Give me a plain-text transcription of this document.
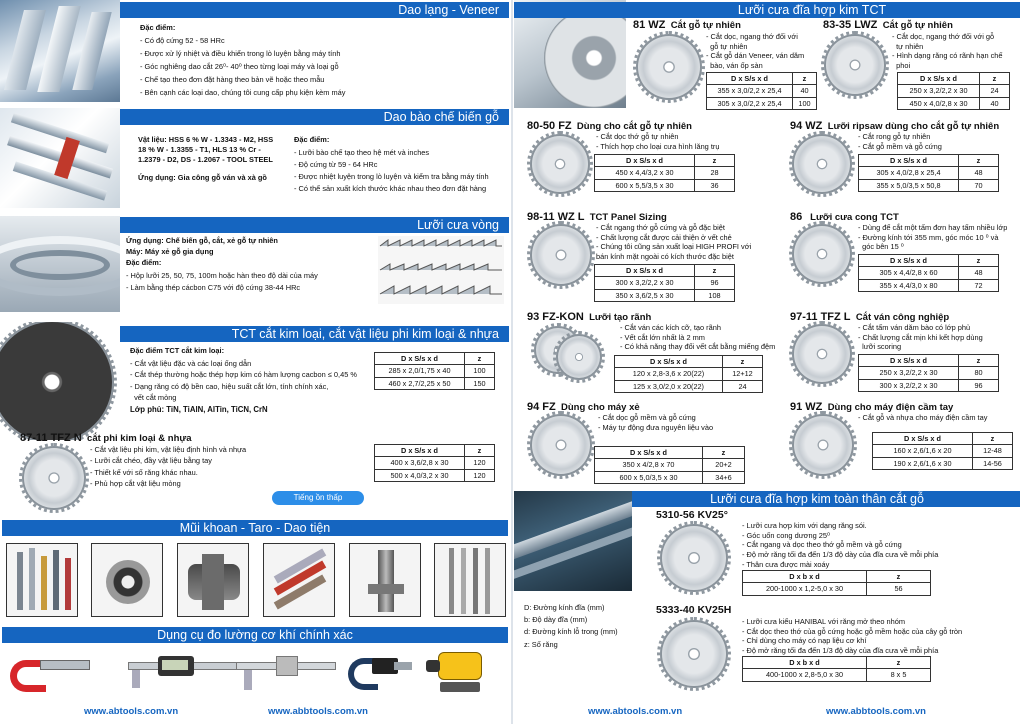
Dao lạng - Veneer
Đặc điểm:
- Có độ cứng 52 - 58 HRc
- Được xử lý nhiệt và điều khiển trong lò luyện bằng máy tính
- Góc nghiêng dao cắt 26⁰- 40⁰ theo từng loại máy và loại gỗ
- Chế tạo theo đơn đặt hàng theo bản vẽ hoặc theo mẫu
- Bên cạnh các loại dao, chúng tôi cung cấp phụ kiện kèm máy
Dao bào chế biến gỗ
Vật liệu: HSS 6 % W - 1.3343 - M2, HSS 18 % W - 1.3355 - T1, HLS 13 % Cr - 1.2379 - D2, DS - 1.2067 - TOOL STEEL
Ứng dụng: Gia công gỗ ván và xà gồ
Đặc điểm:
- Lưỡi bào chế tạo theo hệ mét và inches
- Độ cứng từ 59 - 64 HRc
- Được nhiệt luyện trong lò luyện và kiểm tra bằng máy tính
- Có thể sản xuất kích thước khác nhau theo đơn đặt hàng
Lưỡi cưa vòng
Ứng dụng: Chế biến gỗ, cắt, xẻ gỗ tự nhiên
Máy: Máy xẻ gỗ gia dụng
Đặc điểm:
- Hộp lưỡi 25, 50, 75, 100m hoặc hàn theo độ dài của máy
- Làm bằng thép cácbon C75 với độ cứng 38-44 HRc
TCT cắt kim loại, cắt vật liệu phi kim loại & nhựa
Đặc điểm TCT cắt kim loại:
- Cắt vật liệu đặc và các loại ống dẫn
- Cắt thép thường hoặc thép hợp kim có hàm lượng cacbon ≤ 0,45 %
- Dạng răng có độ bền cao, hiệu suất cắt lớn, tính chính xác,
vết cắt mỏng
Lớp phủ: TiN, TiAlN, AlTin, TiCN, CrN
D x S/s x d	z
285 x 2,0/1,75 x 40	100
460 x 2,7/2,25 x 50	150
87-11 TFZ N cắt phi kim loại & nhựa
- Cắt vật liệu phi kim, vật liệu định hình và nhựa
- Lưỡi cắt chéo, đầy vật liệu bằng tay
- Thiết kế với số răng khác nhau.
- Phủ hợp cắt vật liệu mỏng
D x S/s x d	z
400 x 3,6/2,8 x 30	120
500 x 4,0/3,2 x 30	120
Tiếng ồn thấp
Mũi khoan - Taro - Dao tiện
Dụng cụ đo lường cơ khí chính xác
www.abtools.com.vn	www.abbtools.com.vn
Lưỡi cưa đĩa hợp kim TCT
81 WZ Cắt gỗ tự nhiên
- Cắt dọc, ngang thớ đối với
gỗ tự nhiên
- Cắt gỗ dán Veneer, ván dăm
bào, ván ốp sàn
D x S/s x d	z
355 x 3,0/2,2 x 25,4	40
305 x 3,0/2,2 x 25,4	100
83-35 LWZ Cắt gỗ tự nhiên
- Cắt dọc, ngang thớ đối với gỗ
tự nhiên
- Hình dạng răng có rãnh hạn chế
phoi
D x S/s x d	z
250 x 3,2/2,2 x 30	24
450 x 4,0/2,8 x 30	40
80-50 FZ Dùng cho cắt gỗ tự nhiên
- Cắt dọc thớ gỗ tự nhiên
- Thích hợp cho loại cưa hình lăng trụ
D x S/s x d	z
450 x 4,4/3,2 x 30	28
600 x 5,5/3,5 x 30	36
94 WZ Lưỡi ripsaw dùng cho cắt gỗ tự nhiên
- Cắt rong gỗ tự nhiên
- Cắt gỗ mềm và gỗ cứng
D x S/s x d	z
305 x 4,0/2,8 x 25,4	48
355 x 5,0/3,5 x 50,8	70
98-11 WZ L TCT Panel Sizing
- Cắt ngang thớ gỗ cứng và gỗ đặc biệt
- Chất lượng cắt được cải thiện ở vết chẻ
- Chúng tôi cũng sản xuất loại HIGH PROFI với
bán kính mặt ngoài có kích thước đặc biệt
D x S/s x d	z
300 x 3,2/2,2 x 30	96
350 x 3,6/2,5 x 30	108
86 Lưỡi cưa cong TCT
- Dùng để cắt một tấm đơn hay tấm nhiều lớp
- Đường kính tới 355 mm, góc móc 10 ⁰ và
góc bên 15 ⁰
D x S/s x d	z
305 x 4,4/2,8 x 60	48
355 x 4,4/3,0 x 80	72
93 FZ-KON Lưỡi tạo rãnh
- Cắt ván các kích cỡ, tạo rãnh
- Vết cắt lớn nhất là 2 mm
- Có khả năng thay đổi vết cắt bằng miếng đệm
D x S/s x d	z
120 x 2,8-3,6 x 20(22)	12+12
125 x 3,0/2,0 x 20(22)	24
97-11 TFZ L Cắt ván công nghiệp
- Cắt tấm ván dăm bào có lớp phủ
- Chất lượng cắt mịn khi kết hợp dùng
lưỡi scoring
D x S/s x d	z
250 x 3,2/2,2 x 30	80
300 x 3,2/2,2 x 30	96
94 FZ Dùng cho máy xẻ
- Cắt dọc gỗ mềm và gỗ cứng
- Máy tự động đưa nguyên liệu vào
D x S/s x d	z
350 x 4/2,8 x 70	20+2
600 x 5,0/3,5 x 30	34+6
91 WZ Dùng cho máy điện cầm tay
- Cắt gỗ và nhựa cho máy điện cầm tay
D x S/s x d	z
160 x 2,6/1,6 x 20	12-48
190 x 2,6/1,6 x 30	14-56
Lưỡi cưa đĩa hợp kim toàn thân cắt gỗ
D: Đường kính đĩa (mm)
b: Độ dày đĩa (mm)
d: Đường kính lỗ trong (mm)
z: Số răng
5310-56 KV25°
- Lưỡi cưa hợp kim với dạng răng sói.
- Góc uốn cong dương 25⁰
- Cắt ngang và dọc theo thớ gỗ mềm và gỗ cứng
- Độ mở răng tối đa đến 1/3 độ dày của đĩa cưa về mỗi phía
- Thân cưa được mài xoáy
D x b x d	z
200-1000 x 1,2-5,0 x 30	56
5333-40 KV25H
- Lưỡi cưa kiểu HANIBAL với răng mở theo nhóm
- Cắt dọc theo thớ của gỗ cứng hoặc gỗ mềm hoặc của cây gỗ tròn
- Chỉ dùng cho máy có nạp liệu cơ khí
- Độ mở răng tối đa đến 1/3 độ dày của đĩa cưa về mỗi phía
D x b x d	z
400-1000 x 2,8-5,0 x 30	8 x 5
www.abtools.com.vn	www.abbtools.com.vn
